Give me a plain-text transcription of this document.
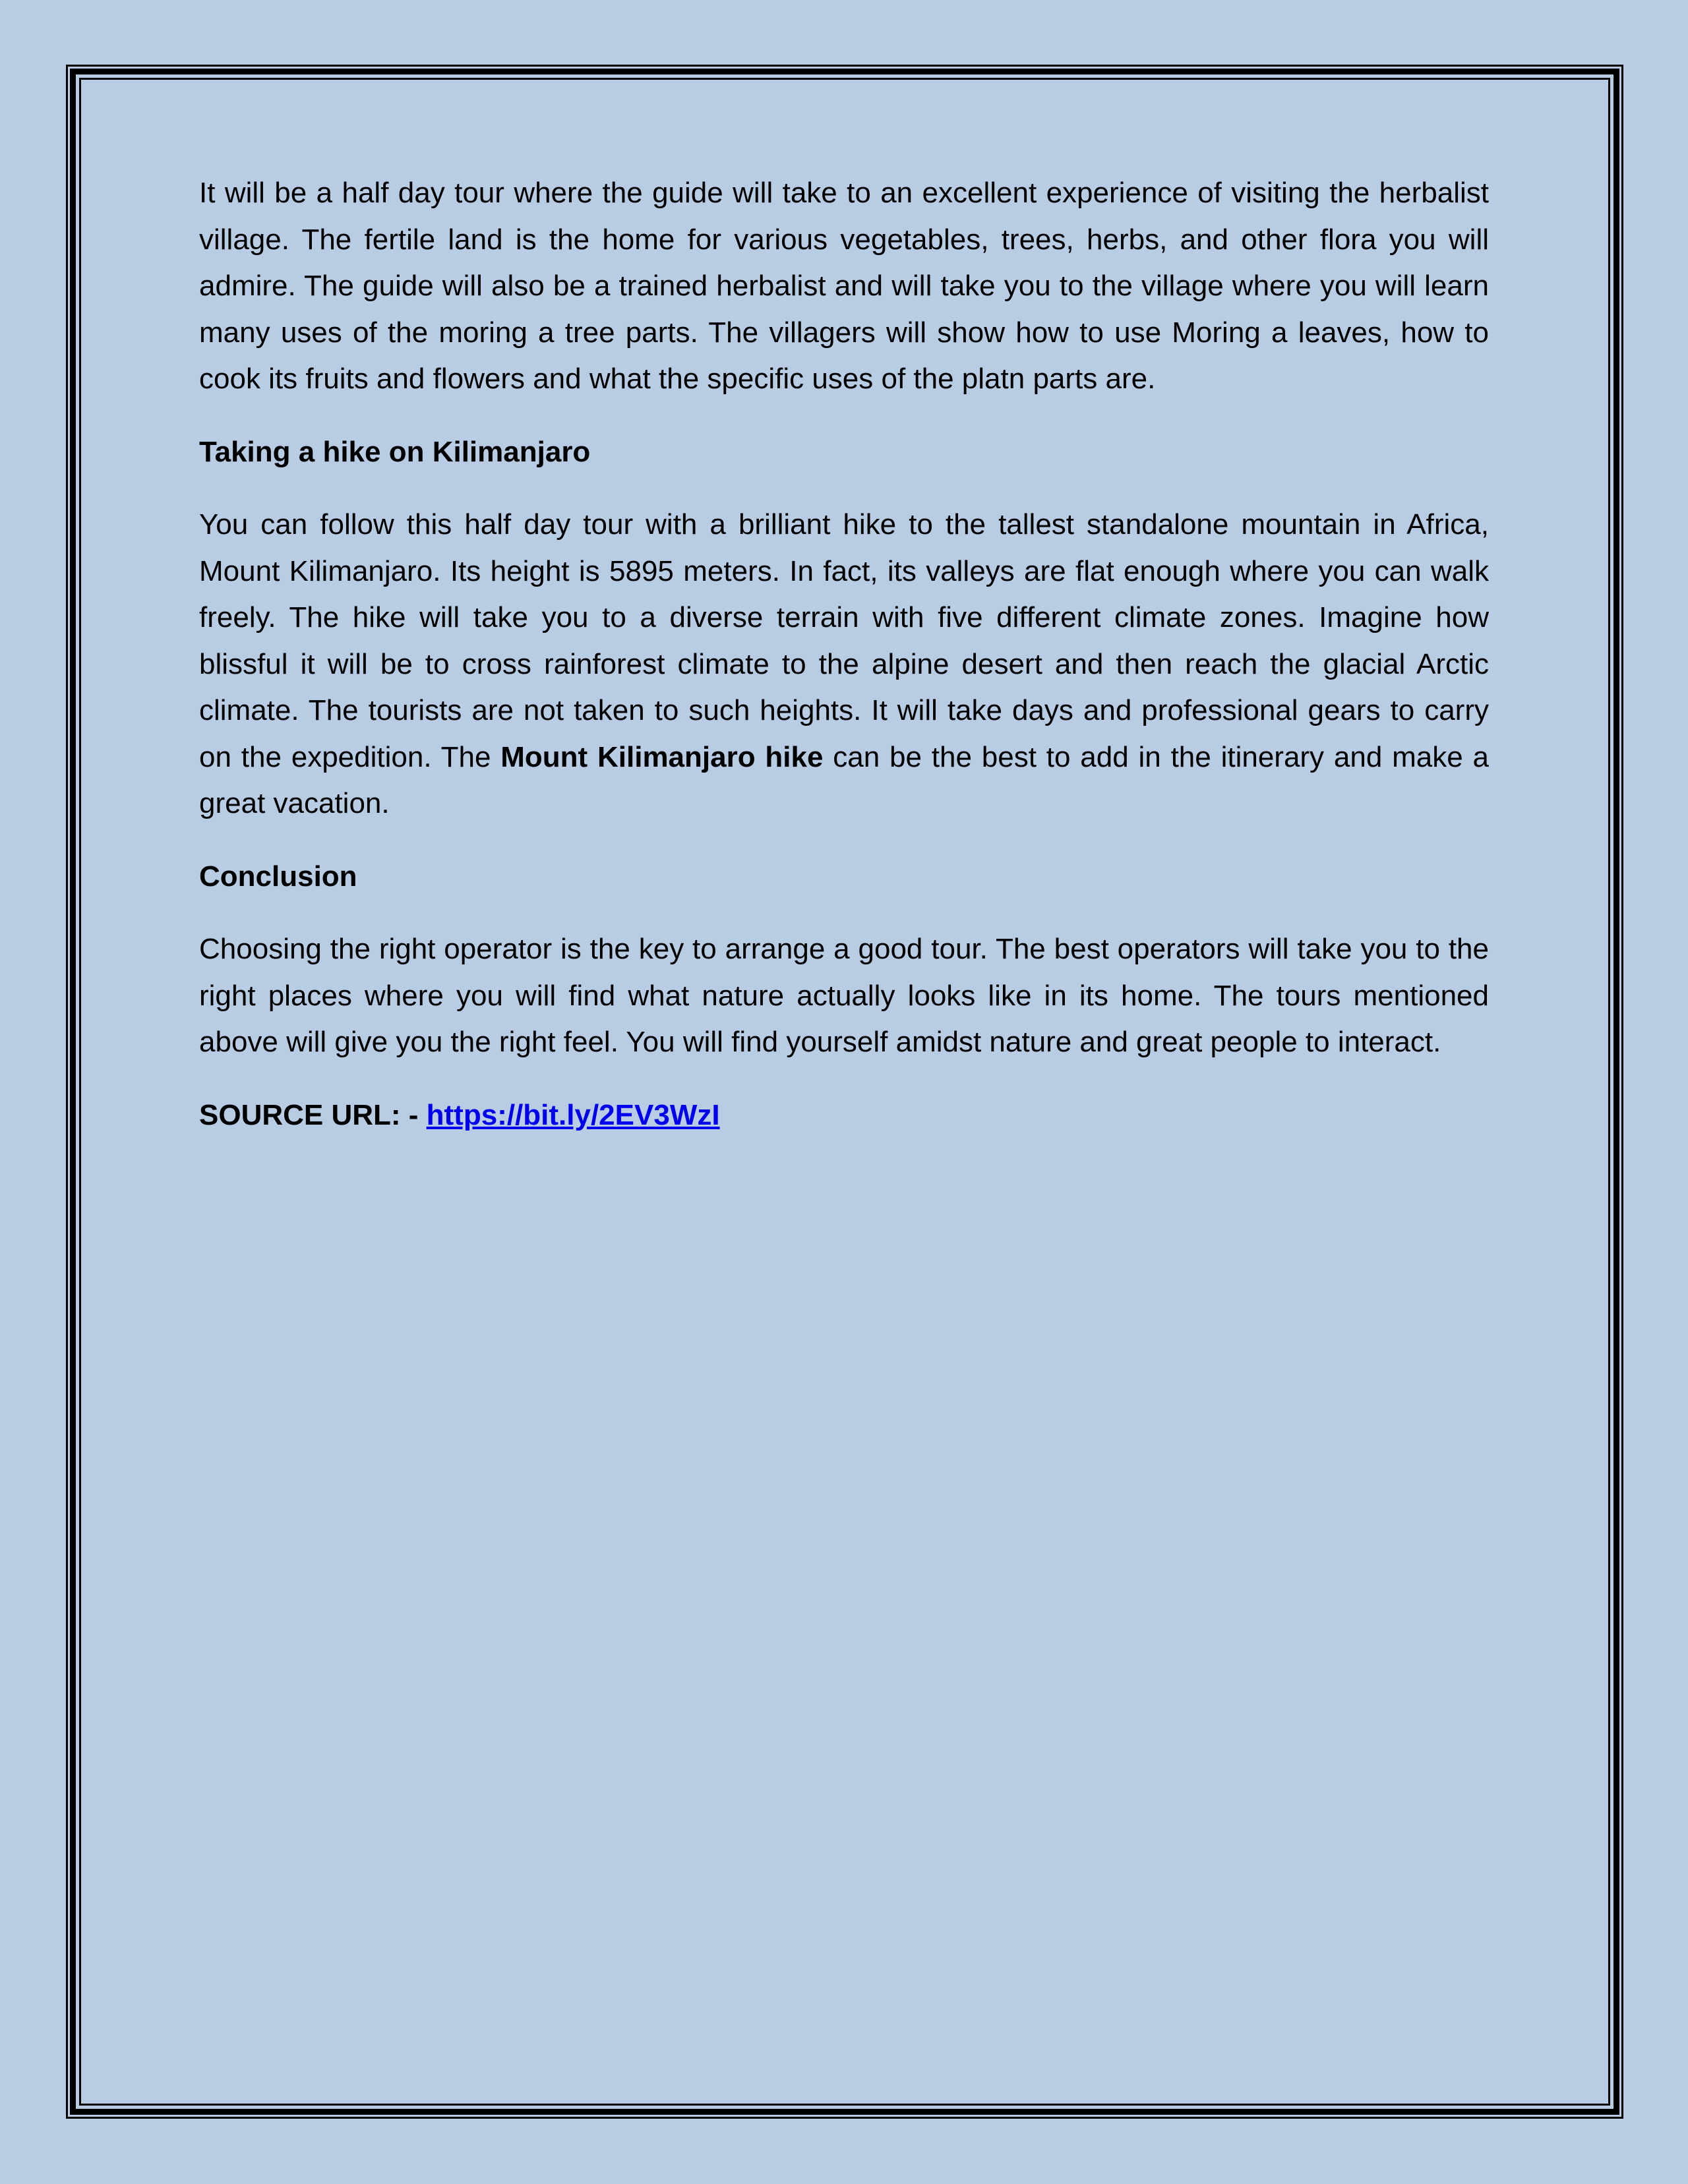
It will be a half day tour where the guide will take to an excellent experience of visiting the herbalist village. The fertile land is the home for various vegetables, trees, herbs, and other flora you will admire. The guide will also be a trained herbalist and will take you to the village where you will learn many uses of the moring a tree parts. The villagers will show how to use Moring a leaves, how to cook its fruits and flowers and what the specific uses of the platn parts are.

Taking a hike on Kilimanjaro

You can follow this half day tour with a brilliant hike to the tallest standalone mountain in Africa, Mount Kilimanjaro. Its height is 5895 meters. In fact, its valleys are flat enough where you can walk freely. The hike will take you to a diverse terrain with five different climate zones. Imagine how blissful it will be to cross rainforest climate to the alpine desert and then reach the glacial Arctic climate. The tourists are not taken to such heights. It will take days and professional gears to carry on the expedition. The Mount Kilimanjaro hike can be the best to add in the itinerary and make a great vacation.

Conclusion

Choosing the right operator is the key to arrange a good tour. The best operators will take you to the right places where you will find what nature actually looks like in its home. The tours mentioned above will give you the right feel. You will find yourself amidst nature and great people to interact.

SOURCE URL: - https://bit.ly/2EV3WzI
